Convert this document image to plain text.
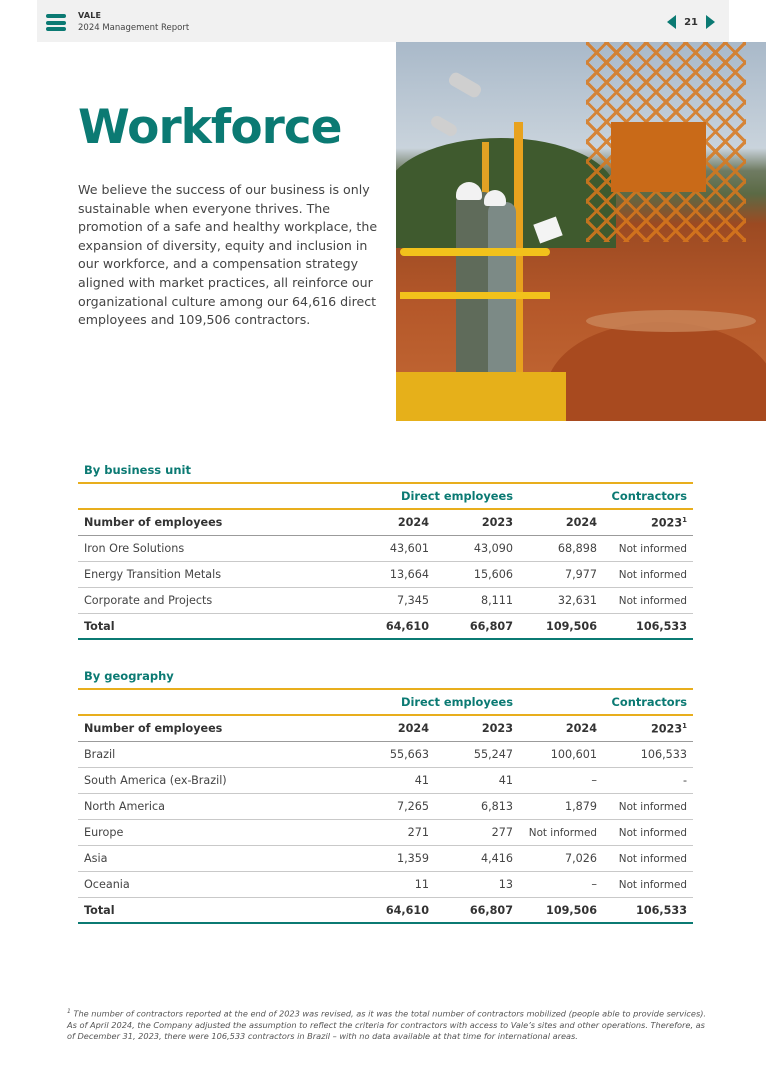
VALE
2024 Management Report
21
Workforce

We believe the success of our business is only sustainable when everyone thrives. The promotion of a safe and healthy workplace, the expansion of diversity, equity and inclusion in our workforce, and a compensation strategy aligned with market practices, all reinforce our organizational culture among our 64,616 direct employees and 109,506 contractors.

By business unit

	Direct employees		Contractors	
Number of employees	2024	2023	2024	2023$^1$
Iron Ore Solutions	43,601	43,090	68,898	Not informed
Energy Transition Metals	13,664	15,606	7,977	Not informed
Corporate and Projects	7,345	8,111	32,631	Not informed
Total	64,610	66,807	109,506	106,533

By geography

	Direct employees		Contractors	
Number of employees	2024	2023	2024	2023$^1$
Brazil	55,663	55,247	100,601	106,533
South America (ex-Brazil)	41	41	–	-
North America	7,265	6,813	1,879	Not informed
Europe	271	277	Not informed	Not informed
Asia	1,359	4,416	7,026	Not informed
Oceania	11	13	–	Not informed
Total	64,610	66,807	109,506	106,533

$^1$ The number of contractors reported at the end of 2023 was revised, as it was the total number of contractors mobilized (people able to provide services). As of April 2024, the Company adjusted the assumption to reflect the criteria for contractors with access to Vale’s sites and other operations. Therefore, as of December 31, 2023, there were 106,533 contractors in Brazil – with no data available at that time for international areas.
